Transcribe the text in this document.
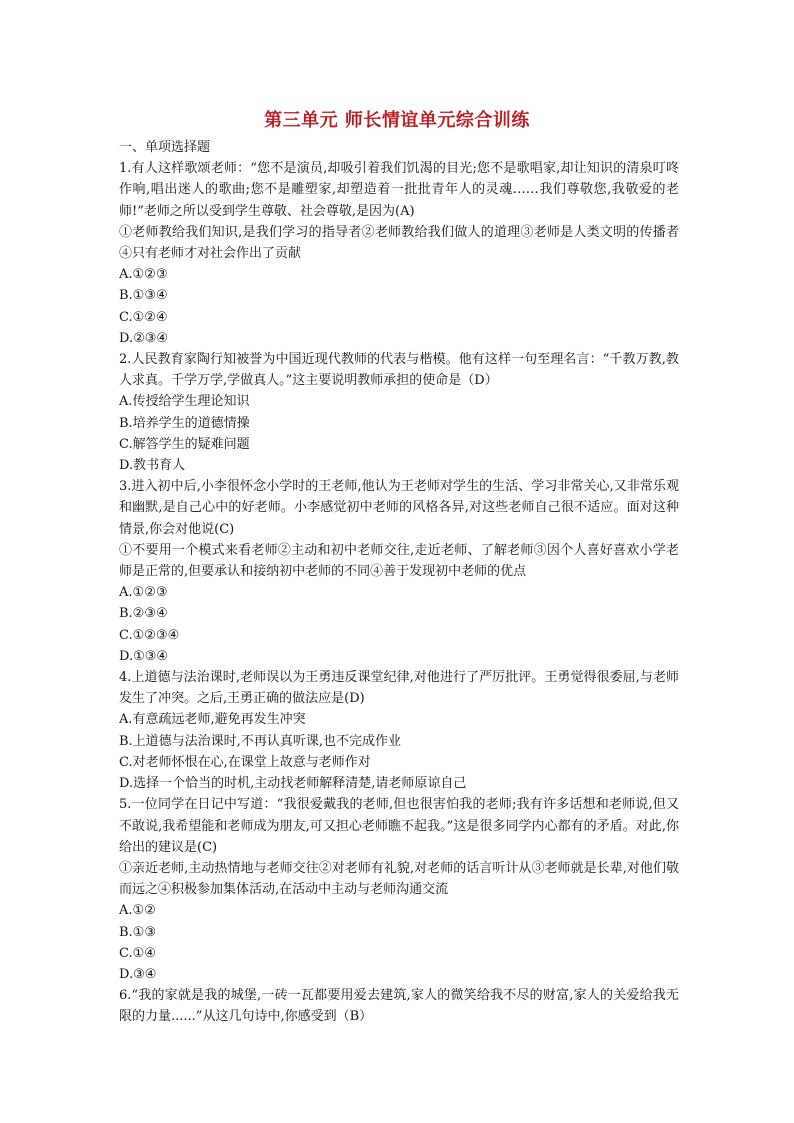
第三单元 师长情谊单元综合训练
一、单项选择题
1.有人这样歌颂老师：“您不是演员,却吸引着我们饥渴的目光;您不是歌唱家,却让知识的清泉叮咚作响,唱出迷人的歌曲;您不是雕塑家,却塑造着一批批青年人的灵魂……我们尊敬您,我敬爱的老师!”老师之所以受到学生尊敬、社会尊敬,是因为(A)
①老师教给我们知识,是我们学习的指导者②老师教给我们做人的道理③老师是人类文明的传播者④只有老师才对社会作出了贡献
A.①②③
B.①③④
C.①②④
D.②③④
2.人民教育家陶行知被誉为中国近现代教师的代表与楷模。他有这样一句至理名言：“千教万教,教人求真。千学万学,学做真人。”这主要说明教师承担的使命是（D）
A.传授给学生理论知识
B.培养学生的道德情操
C.解答学生的疑难问题
D.教书育人
3.进入初中后,小李很怀念小学时的王老师,他认为王老师对学生的生活、学习非常关心,又非常乐观和幽默,是自己心中的好老师。小李感觉初中老师的风格各异,对这些老师自己很不适应。面对这种情景,你会对他说(C)
①不要用一个模式来看老师②主动和初中老师交往,走近老师、了解老师③因个人喜好喜欢小学老师是正常的,但要承认和接纳初中老师的不同④善于发现初中老师的优点
A.①②③
B.②③④
C.①②③④
D.①③④
4.上道德与法治课时,老师误以为王勇违反课堂纪律,对他进行了严厉批评。王勇觉得很委屈,与老师发生了冲突。之后,王勇正确的做法应是(D)
A.有意疏远老师,避免再发生冲突
B.上道德与法治课时,不再认真听课,也不完成作业
C.对老师怀恨在心,在课堂上故意与老师作对
D.选择一个恰当的时机,主动找老师解释清楚,请老师原谅自己
5.一位同学在日记中写道：“我很爱戴我的老师,但也很害怕我的老师;我有许多话想和老师说,但又不敢说,我希望能和老师成为朋友,可又担心老师瞧不起我。”这是很多同学内心都有的矛盾。对此,你给出的建议是(C)
①亲近老师,主动热情地与老师交往②对老师有礼貌,对老师的话言听计从③老师就是长辈,对他们敬而远之④积极参加集体活动,在活动中主动与老师沟通交流
A.①②
B.①③
C.①④
D.③④
6.“我的家就是我的城堡,一砖一瓦都要用爱去建筑,家人的微笑给我不尽的财富,家人的关爱给我无限的力量......”从这几句诗中,你感受到（B）
